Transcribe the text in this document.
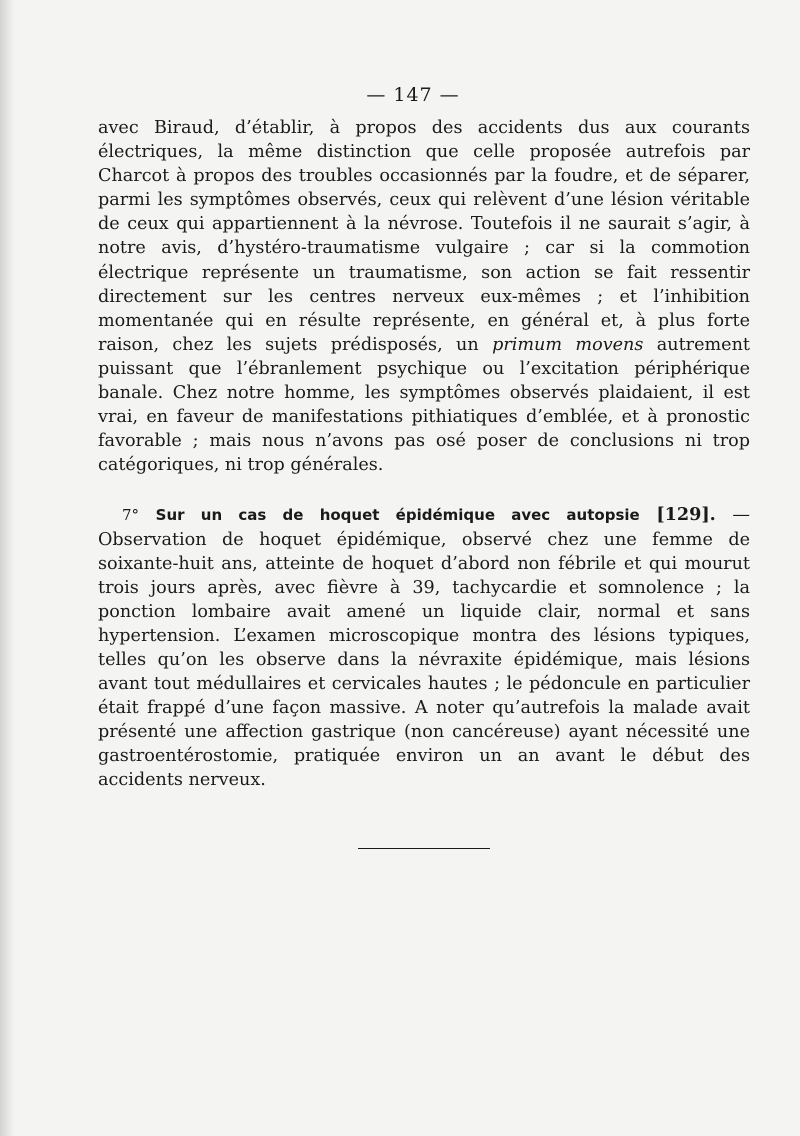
— 147 —

avec Biraud, d’établir, à propos des accidents dus aux courants électriques, la même distinction que celle proposée autrefois par Charcot à propos des troubles occasionnés par la foudre, et de séparer, parmi les symptômes observés, ceux qui relèvent d’une lésion véritable de ceux qui appartiennent à la névrose. Toutefois il ne saurait s’agir, à notre avis, d’hystéro-traumatisme vulgaire ; car si la commotion électrique représente un traumatisme, son action se fait ressentir directement sur les centres nerveux eux-mêmes ; et l’inhibition momentanée qui en résulte représente, en général et, à plus forte raison, chez les sujets prédisposés, un primum movens autrement puissant que l’ébranlement psychique ou l’excitation périphérique banale. Chez notre homme, les symptômes observés plaidaient, il est vrai, en faveur de manifestations pithiatiques d’emblée, et à pronostic favorable ; mais nous n’avons pas osé poser de conclusions ni trop catégoriques, ni trop générales.

7° Sur un cas de hoquet épidémique avec autopsie [129]. — Observation de hoquet épidémique, observé chez une femme de soixante-huit ans, atteinte de hoquet d’abord non fébrile et qui mourut trois jours après, avec fièvre à 39, tachycardie et somnolence ; la ponction lombaire avait amené un liquide clair, normal et sans hypertension. L’examen microscopique montra des lésions typiques, telles qu’on les observe dans la névraxite épidémique, mais lésions avant tout médullaires et cervicales hautes ; le pédoncule en particulier était frappé d’une façon massive. A noter qu’autrefois la malade avait présenté une affection gastrique (non cancéreuse) ayant nécessité une gastroentérostomie, pratiquée environ un an avant le début des accidents nerveux.
